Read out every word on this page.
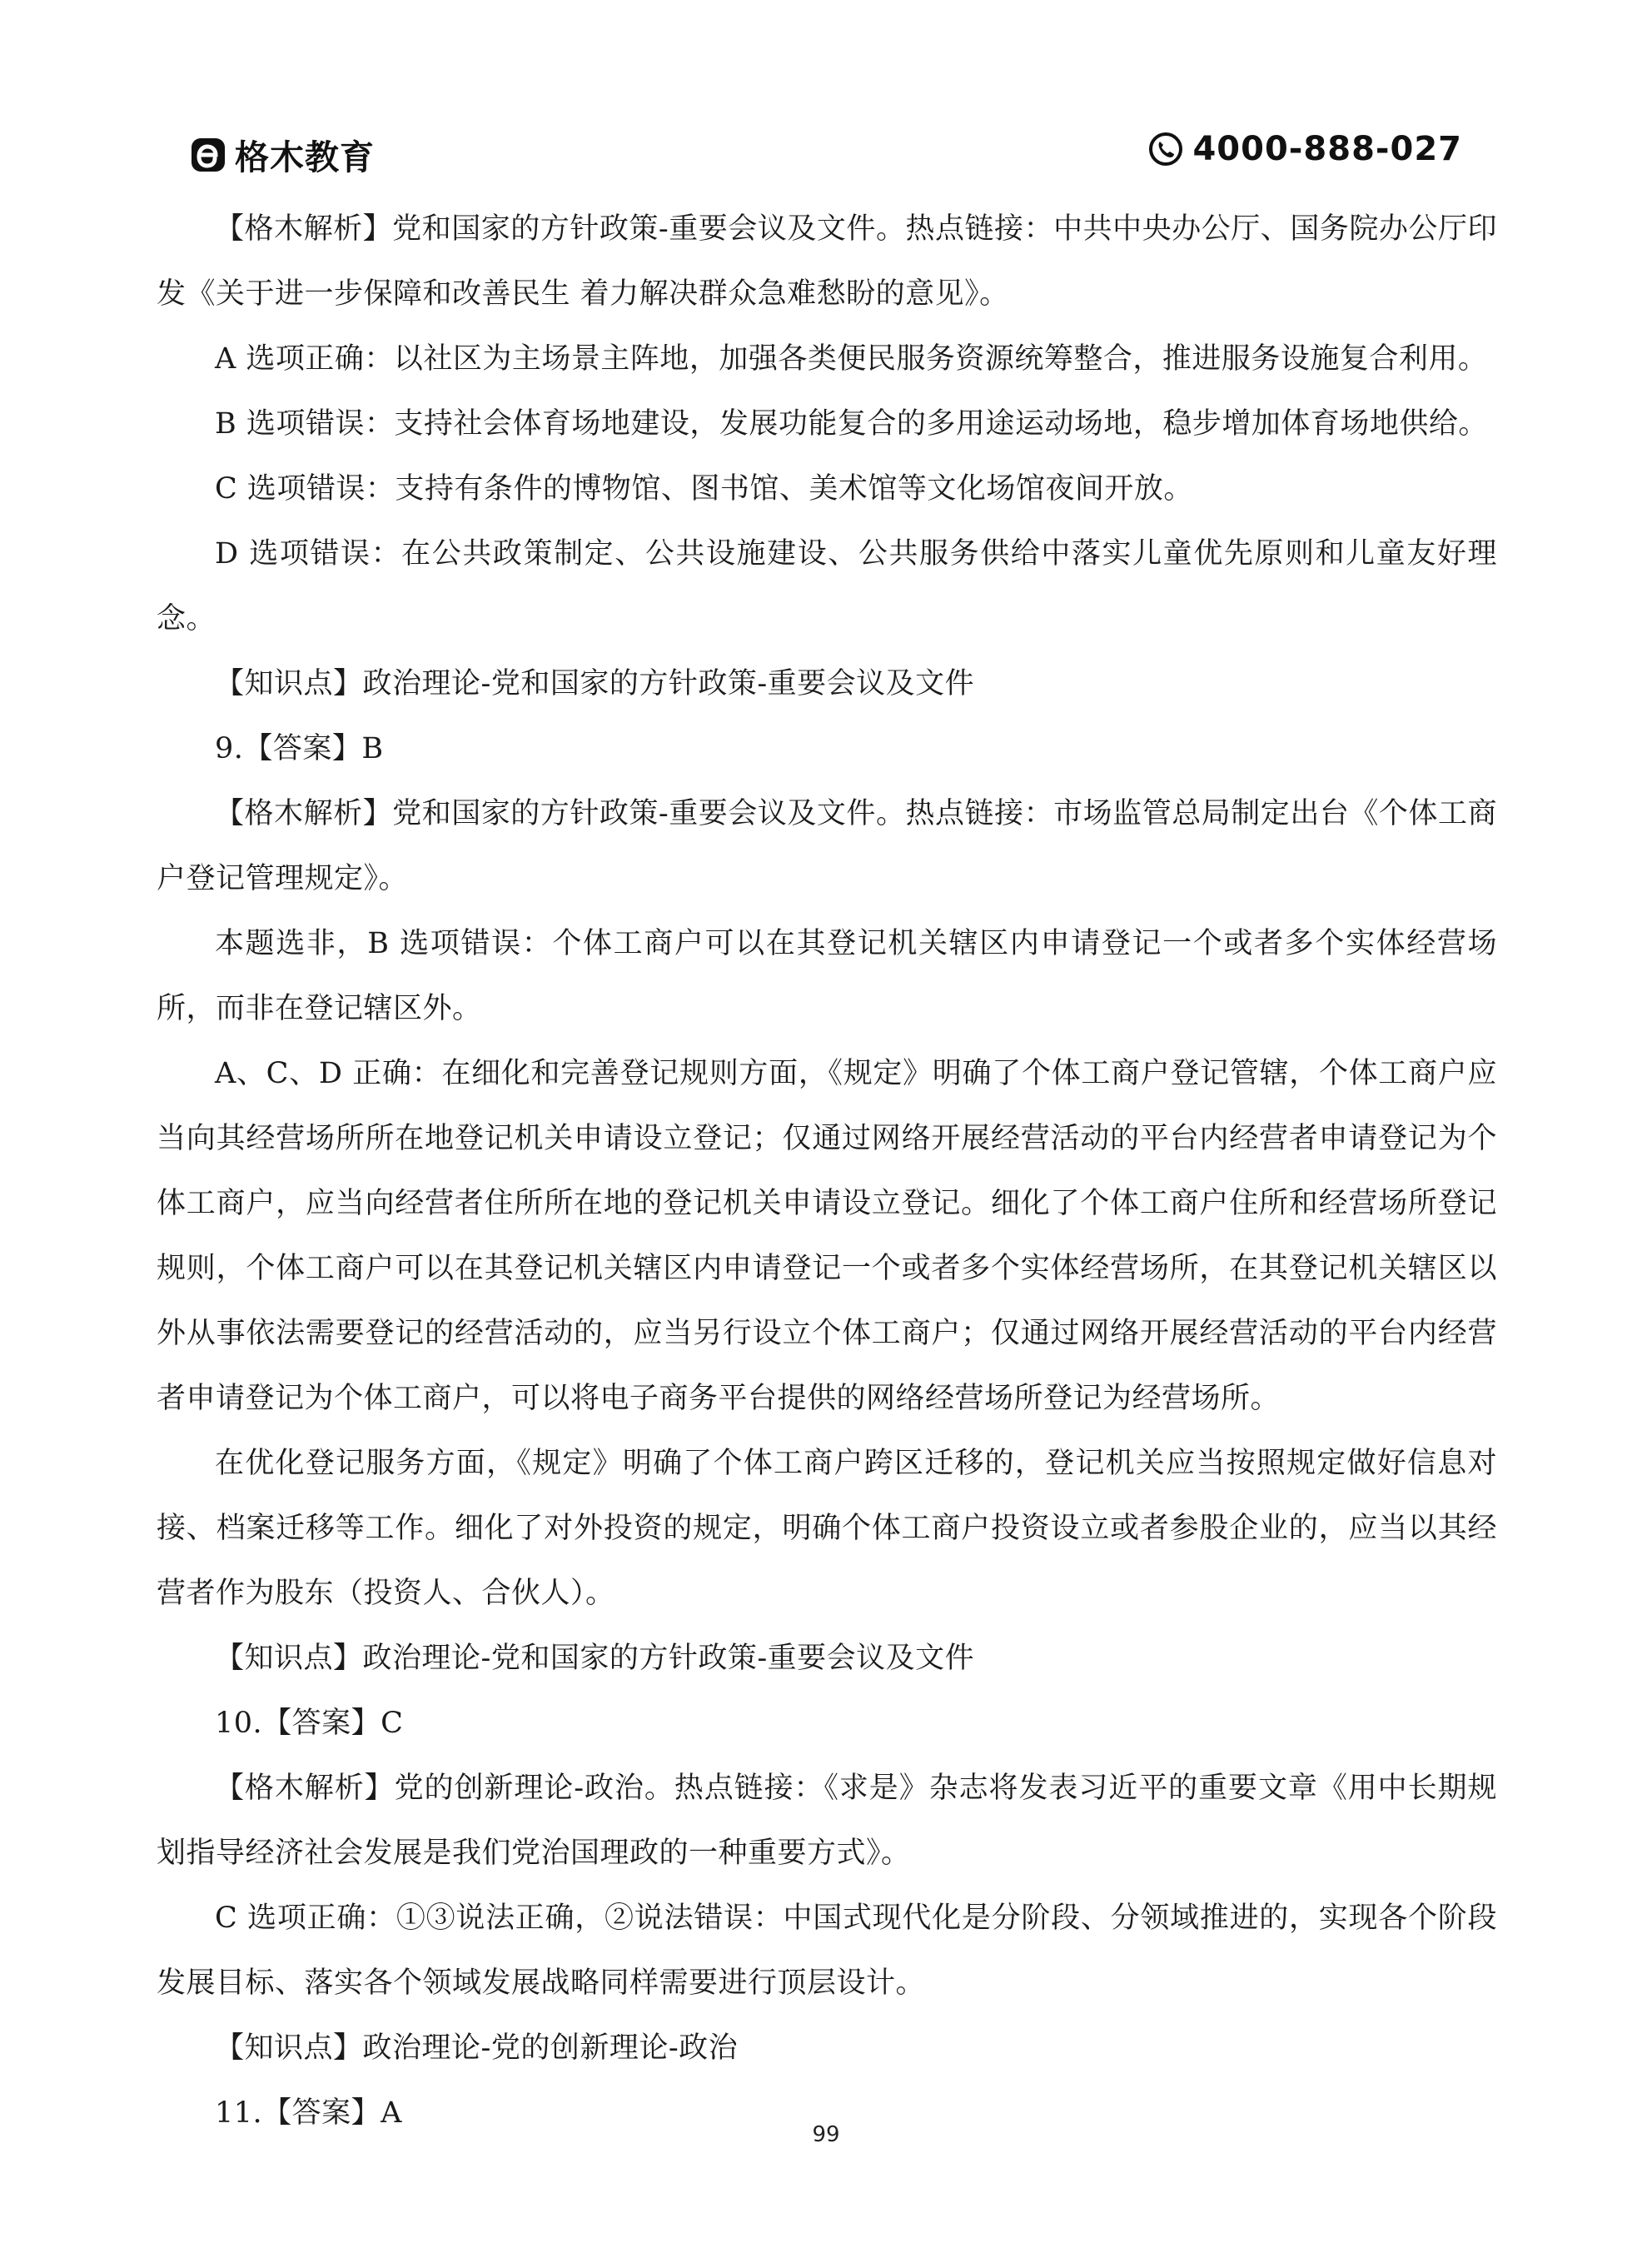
格木教育	4000-888-027

【格木解析】党和国家的方针政策-重要会议及文件。热点链接：中共中央办公厅、国务院办公厅印发《关于进一步保障和改善民生 着力解决群众急难愁盼的意见》。

A 选项正确：以社区为主场景主阵地，加强各类便民服务资源统筹整合，推进服务设施复合利用。

B 选项错误：支持社会体育场地建设，发展功能复合的多用途运动场地，稳步增加体育场地供给。

C 选项错误：支持有条件的博物馆、图书馆、美术馆等文化场馆夜间开放。

D 选项错误：在公共政策制定、公共设施建设、公共服务供给中落实儿童优先原则和儿童友好理念。

【知识点】政治理论-党和国家的方针政策-重要会议及文件

9.【答案】B

【格木解析】党和国家的方针政策-重要会议及文件。热点链接：市场监管总局制定出台《个体工商户登记管理规定》。

本题选非，B 选项错误：个体工商户可以在其登记机关辖区内申请登记一个或者多个实体经营场所，而非在登记辖区外。

A、C、D 正确：在细化和完善登记规则方面，《规定》明确了个体工商户登记管辖，个体工商户应当向其经营场所所在地登记机关申请设立登记；仅通过网络开展经营活动的平台内经营者申请登记为个体工商户，应当向经营者住所所在地的登记机关申请设立登记。细化了个体工商户住所和经营场所登记规则，个体工商户可以在其登记机关辖区内申请登记一个或者多个实体经营场所，在其登记机关辖区以外从事依法需要登记的经营活动的，应当另行设立个体工商户；仅通过网络开展经营活动的平台内经营者申请登记为个体工商户，可以将电子商务平台提供的网络经营场所登记为经营场所。

在优化登记服务方面，《规定》明确了个体工商户跨区迁移的，登记机关应当按照规定做好信息对接、档案迁移等工作。细化了对外投资的规定，明确个体工商户投资设立或者参股企业的，应当以其经营者作为股东（投资人、合伙人）。

【知识点】政治理论-党和国家的方针政策-重要会议及文件

10.【答案】C

【格木解析】党的创新理论-政治。热点链接：《求是》杂志将发表习近平的重要文章《用中长期规划指导经济社会发展是我们党治国理政的一种重要方式》。

C 选项正确：①③说法正确，②说法错误：中国式现代化是分阶段、分领域推进的，实现各个阶段发展目标、落实各个领域发展战略同样需要进行顶层设计。

【知识点】政治理论-党的创新理论-政治

11.【答案】A

99
